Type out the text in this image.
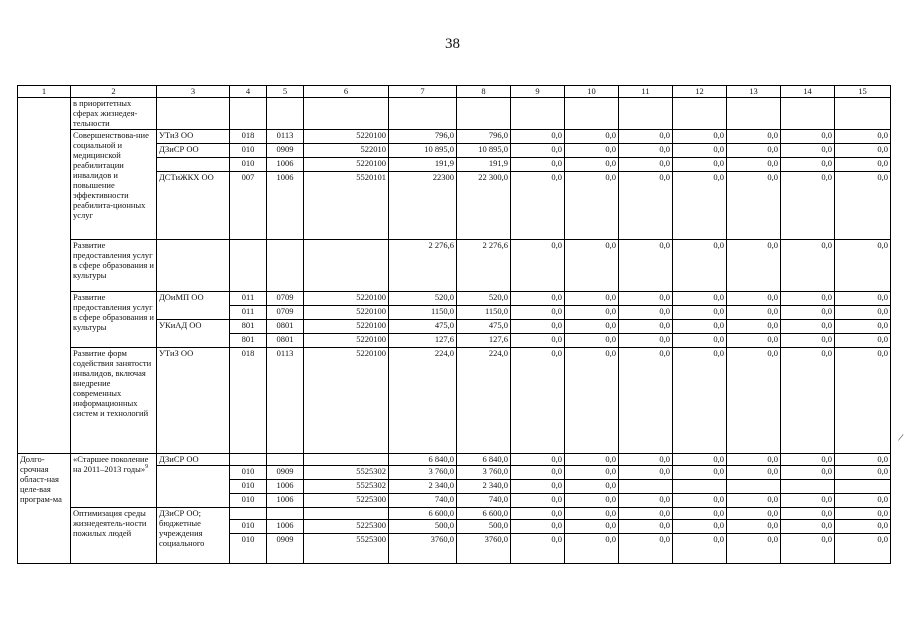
38
/
1	2	3	4	5	6	7	8	9	10	11	12	13	14	15
	в приоритетных сферах жизнедея-тельности													
	Совершенствова-ние социальной и медицинской реабилитации инвалидов и повышение эффективности реабилита-ционных услуг	УТиЗ ОО	018	0113	5220100	796,0	796,0	0,0	0,0	0,0	0,0	0,0	0,0	0,0
		ДЗиСР ОО	010	0909	522010	10 895,0	10 895,0	0,0	0,0	0,0	0,0	0,0	0,0	0,0
			010	1006	5220100	191,9	191,9	0,0	0,0	0,0	0,0	0,0	0,0	0,0
		ДСТиЖКХ ОО	007	1006	5520101	22300	22 300,0	0,0	0,0	0,0	0,0	0,0	0,0	0,0
	Развитие предоставления услуг в сфере образования и культуры					2 276,6	2 276,6	0,0	0,0	0,0	0,0	0,0	0,0	0,0
	Развитие предоставления услуг в сфере образования и культуры	ДОиМП ОО	011	0709	5220100	520,0	520,0	0,0	0,0	0,0	0,0	0,0	0,0	0,0
			011	0709	5220100	1150,0	1150,0	0,0	0,0	0,0	0,0	0,0	0,0	0,0
		УКиАД ОО	801	0801	5220100	475,0	475,0	0,0	0,0	0,0	0,0	0,0	0,0	0,0
			801	0801	5220100	127,6	127,6	0,0	0,0	0,0	0,0	0,0	0,0	0,0
	Развитие форм содействия занятости инвалидов, включая внедрение современных информационных систем и технологий	УТиЗ ОО	018	0113	5220100	224,0	224,0	0,0	0,0	0,0	0,0	0,0	0,0	0,0
Долго-срочная област-ная целе-вая програм-ма	«Старшее поколение на 2011–2013 годы»$^9$	ДЗиСР ОО				6 840,0	6 840,0	0,0	0,0	0,0	0,0	0,0	0,0	0,0
			010	0909	5525302	3 760,0	3 760,0	0,0	0,0	0,0	0,0	0,0	0,0	0,0
			010	1006	5525302	2 340,0	2 340,0	0,0	0,0					
			010	1006	5225300	740,0	740,0	0,0	0,0	0,0	0,0	0,0	0,0	0,0
	Оптимизация среды жизнедеятель-ности пожилых людей	ДЗиСР ОО; бюджетные учреждения социального				6 600,0	6 600,0	0,0	0,0	0,0	0,0	0,0	0,0	0,0
			010	1006	5225300	500,0	500,0	0,0	0,0	0,0	0,0	0,0	0,0	0,0
			010	0909	5525300	3760,0	3760,0	0,0	0,0	0,0	0,0	0,0	0,0	0,0
